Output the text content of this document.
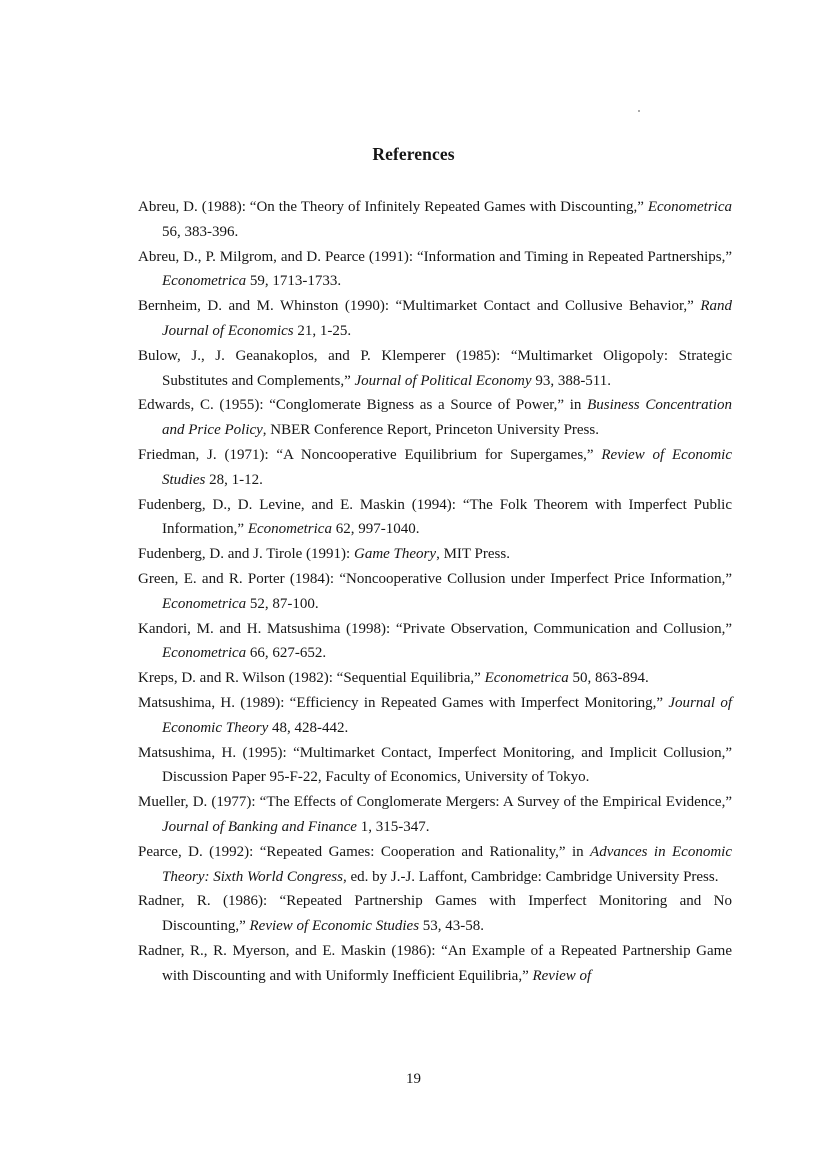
References

Abreu, D. (1988): “On the Theory of Infinitely Repeated Games with Discounting,” Econometrica 56, 383-396.

Abreu, D., P. Milgrom, and D. Pearce (1991): “Information and Timing in Repeated Partnerships,” Econometrica 59, 1713-1733.

Bernheim, D. and M. Whinston (1990): “Multimarket Contact and Collusive Behavior,” Rand Journal of Economics 21, 1-25.

Bulow, J., J. Geanakoplos, and P. Klemperer (1985): “Multimarket Oligopoly: Strategic Substitutes and Complements,” Journal of Political Economy 93, 388-511.

Edwards, C. (1955): “Conglomerate Bigness as a Source of Power,” in Business Concentration and Price Policy, NBER Conference Report, Princeton University Press.

Friedman, J. (1971): “A Noncooperative Equilibrium for Supergames,” Review of Economic Studies 28, 1-12.

Fudenberg, D., D. Levine, and E. Maskin (1994): “The Folk Theorem with Imperfect Public Information,” Econometrica 62, 997-1040.

Fudenberg, D. and J. Tirole (1991): Game Theory, MIT Press.

Green, E. and R. Porter (1984): “Noncooperative Collusion under Imperfect Price Information,” Econometrica 52, 87-100.

Kandori, M. and H. Matsushima (1998): “Private Observation, Communication and Collusion,” Econometrica 66, 627-652.

Kreps, D. and R. Wilson (1982): “Sequential Equilibria,” Econometrica 50, 863-894.

Matsushima, H. (1989): “Efficiency in Repeated Games with Imperfect Monitoring,” Journal of Economic Theory 48, 428-442.

Matsushima, H. (1995): “Multimarket Contact, Imperfect Monitoring, and Implicit Collusion,” Discussion Paper 95-F-22, Faculty of Economics, University of Tokyo.

Mueller, D. (1977): “The Effects of Conglomerate Mergers: A Survey of the Empirical Evidence,” Journal of Banking and Finance 1, 315-347.

Pearce, D. (1992): “Repeated Games: Cooperation and Rationality,” in Advances in Economic Theory: Sixth World Congress, ed. by J.-J. Laffont, Cambridge: Cambridge University Press.

Radner, R. (1986): “Repeated Partnership Games with Imperfect Monitoring and No Discounting,” Review of Economic Studies 53, 43-58.

Radner, R., R. Myerson, and E. Maskin (1986): “An Example of a Repeated Partnership Game with Discounting and with Uniformly Inefficient Equilibria,” Review of

19
